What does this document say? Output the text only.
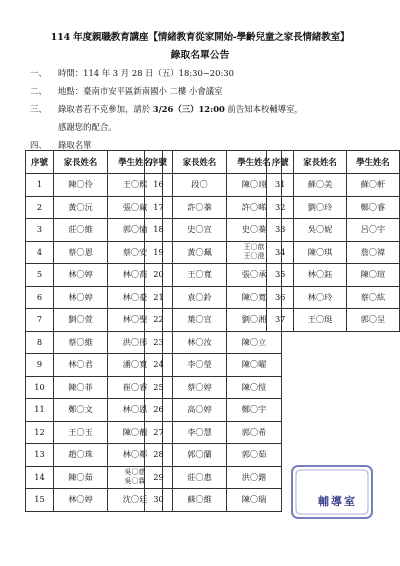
114 年度親職教育講座【情緒教育從家開始-學齡兒童之家長情緒教室】
錄取名單公告
一、 時間：114 年 3 月 28 日（五）18:30~20:30
二、 地點：臺南市安平區新南國小 二樓 小會議室
三、 錄取者若不克參加，請於 3/26（三）12:00 前告知本校輔導室，
感謝您的配合。
四、 錄取名單
序號	家長姓名	學生姓名
1	陳〇伶	王〇熙
2	黃〇沅	張〇蕆
3	莊〇維	郭〇愉
4	蔡〇恩	蔡〇安
5	林〇婷	林〇喬
6	林〇婷	林〇豪
7	劉〇萱	林〇聖
8	蔡〇維	洪〇彤
9	林〇君	潘〇寬
10	陳〇菲	崔〇睿
11	鄭〇文	林〇恩
12	王〇玉	陳〇靚
13	趙〇珠	林〇鄰
14	陳〇茹	吳〇慈
吳〇霖
15	林〇婷	沈〇廷
序號	家長姓名	學生姓名
16	段〇	陳〇翊
17	許〇蓁	許〇晞
18	史〇宣	史〇蓁
19	黃〇珮	王〇歆
王〇澄
20	王〇寬	張〇承
21	袁〇鈴	陳〇寬
22	葉〇宣	劉〇湘
23	林〇汝	陳〇立
24	李〇瑩	陳〇曜
25	蔡〇婷	陳〇愷
26	高〇婷	鄭〇宇
27	李〇慧	郭〇希
28	郭〇蘭	郭〇茹
29	莊〇惠	洪〇鍇
30	蘇〇維	陳〇瑞
序號	家長姓名	學生姓名
31	蘇〇美	蘇〇軒
32	劉〇玲	鄭〇睿
33	吳〇妮	呂〇宇
34	陳〇琪	詹〇禕
35	林〇鈺	陳〇瑄
36	林〇玲	蔡〇紘
37	王〇珽	郭〇呈
輔導室
